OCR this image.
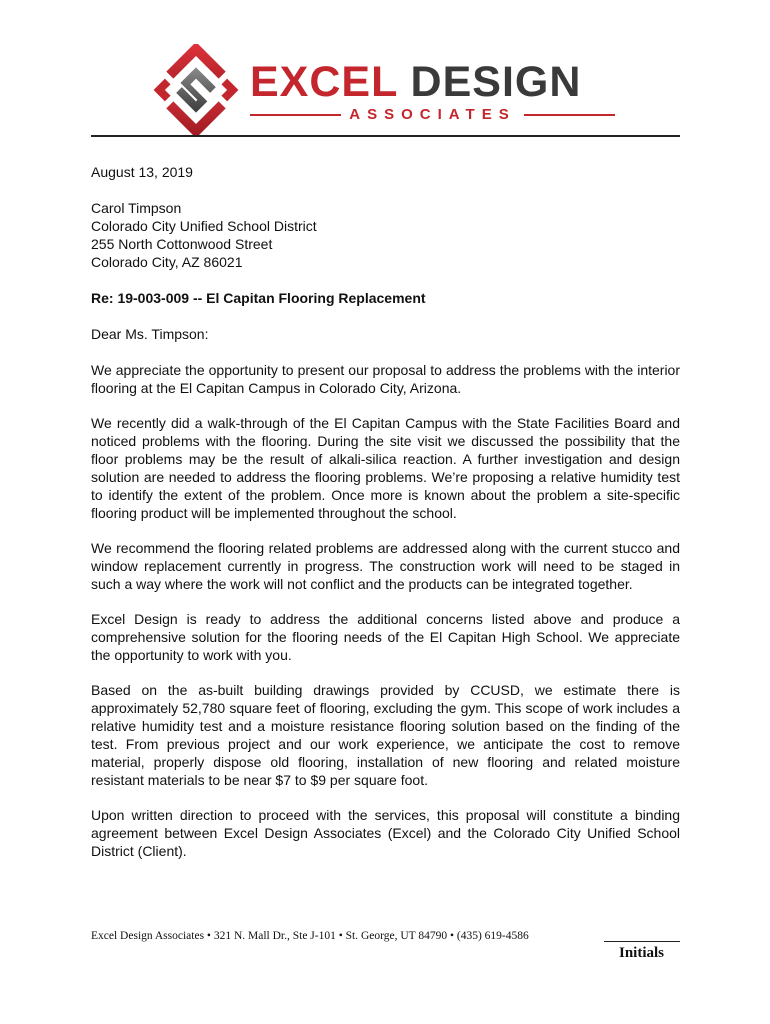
EXCEL DESIGN

ASSOCIATES

August 13, 2019

Carol Timpson

Colorado City Unified School District

255 North Cottonwood Street

Colorado City, AZ 86021

Re: 19-003-009 -- El Capitan Flooring Replacement

Dear Ms. Timpson:

We appreciate the opportunity to present our proposal to address the problems with the interior flooring at the El Capitan Campus in Colorado City, Arizona.

We recently did a walk-through of the El Capitan Campus with the State Facilities Board and noticed problems with the flooring. During the site visit we discussed the possibility that the floor problems may be the result of alkali-silica reaction. A further investigation and design solution are needed to address the flooring problems. We’re proposing a relative humidity test to identify the extent of the problem. Once more is known about the problem a site-specific flooring product will be implemented throughout the school.

We recommend the flooring related problems are addressed along with the current stucco and window replacement currently in progress. The construction work will need to be staged in such a way where the work will not conflict and the products can be integrated together.

Excel Design is ready to address the additional concerns listed above and produce a comprehensive solution for the flooring needs of the El Capitan High School. We appreciate the opportunity to work with you.

Based on the as-built building drawings provided by CCUSD, we estimate there is approximately 52,780 square feet of flooring, excluding the gym. This scope of work includes a relative humidity test and a moisture resistance flooring solution based on the finding of the test. From previous project and our work experience, we anticipate the cost to remove material, properly dispose old flooring, installation of new flooring and related moisture resistant materials to be near $7 to $9 per square foot.

Upon written direction to proceed with the services, this proposal will constitute a binding agreement between Excel Design Associates (Excel) and the Colorado City Unified School District (Client).

Excel Design Associates • 321 N. Mall Dr., Ste J-101 • St. George, UT 84790 • (435) 619-4586
Initials
